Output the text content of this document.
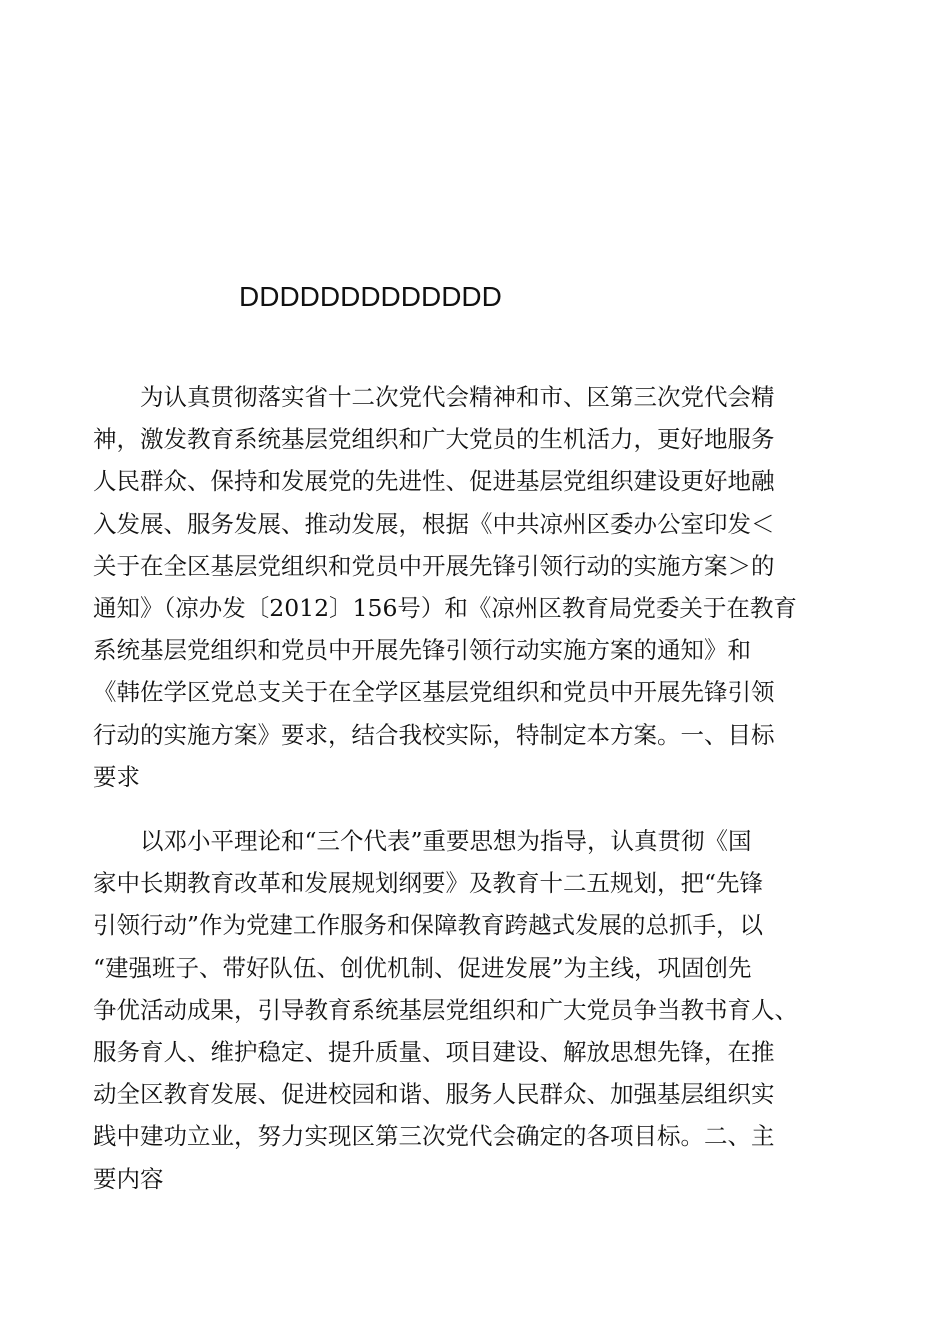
DDDDDDDDDDDDD

　　为认真贯彻落实省十二次党代会精神和市、区第三次党代会精
神，激发教育系统基层党组织和广大党员的生机活力，更好地服务
人民群众、保持和发展党的先进性、促进基层党组织建设更好地融
入发展、服务发展、推动发展，根据《中共凉州区委办公室印发＜
关于在全区基层党组织和党员中开展先锋引领行动的实施方案＞的
通知》（凉办发〔2012〕156号）和《凉州区教育局党委关于在教育
系统基层党组织和党员中开展先锋引领行动实施方案的通知》和
《韩佐学区党总支关于在全学区基层党组织和党员中开展先锋引领
行动的实施方案》要求，结合我校实际，特制定本方案。一、目标
要求

　　以邓小平理论和“三个代表”重要思想为指导，认真贯彻《国
家中长期教育改革和发展规划纲要》及教育十二五规划，把“先锋
引领行动”作为党建工作服务和保障教育跨越式发展的总抓手，以
“建强班子、带好队伍、创优机制、促进发展”为主线，巩固创先
争优活动成果，引导教育系统基层党组织和广大党员争当教书育人、
服务育人、维护稳定、提升质量、项目建设、解放思想先锋，在推
动全区教育发展、促进校园和谐、服务人民群众、加强基层组织实
践中建功立业，努力实现区第三次党代会确定的各项目标。二、主
要内容
